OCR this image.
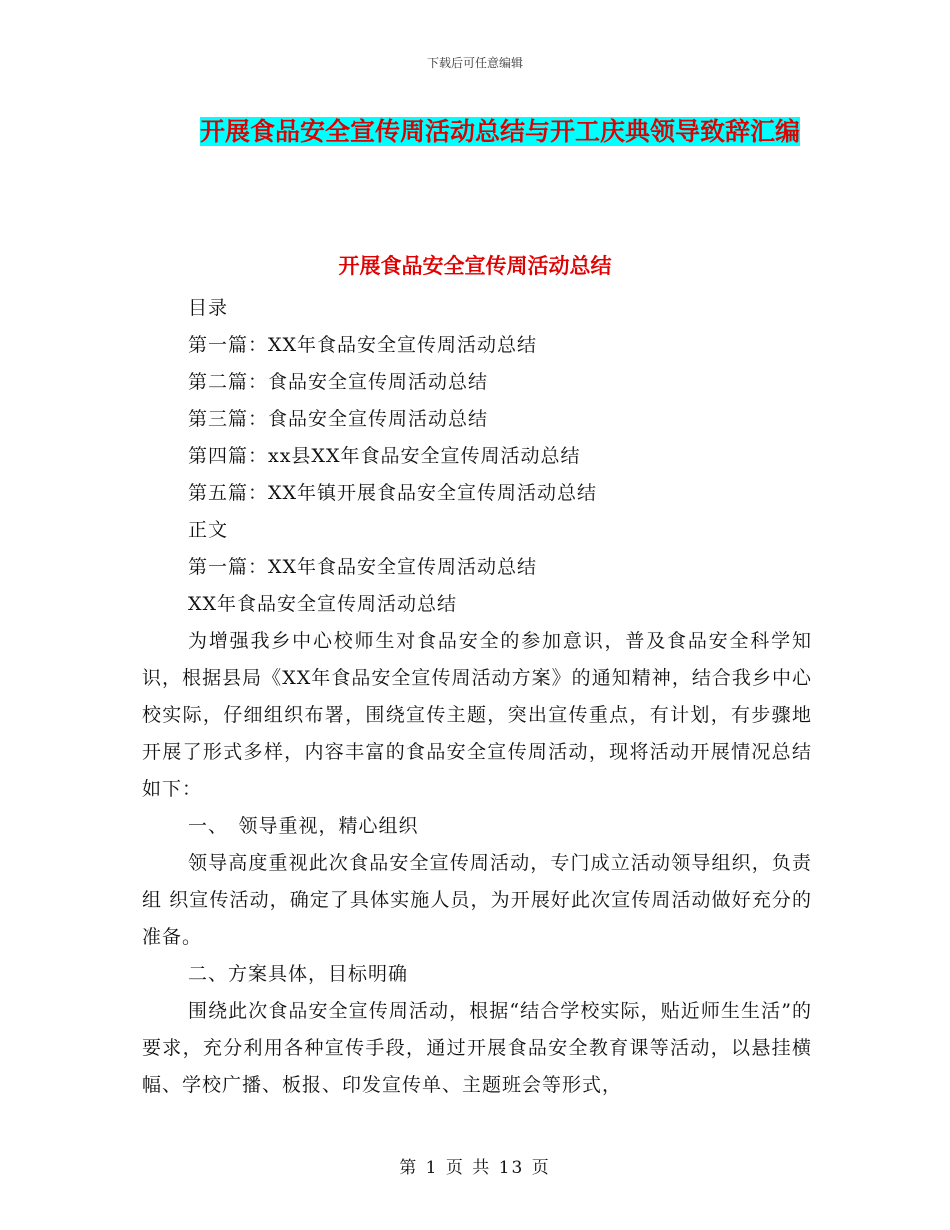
下载后可任意编辑
开展食品安全宣传周活动总结与开工庆典领导致辞汇编
开展食品安全宣传周活动总结
目录
第一篇：XX年食品安全宣传周活动总结
第二篇：食品安全宣传周活动总结
第三篇：食品安全宣传周活动总结
第四篇：xx县XX年食品安全宣传周活动总结
第五篇：XX年镇开展食品安全宣传周活动总结
正文
第一篇：XX年食品安全宣传周活动总结
XX年食品安全宣传周活动总结
为增强我乡中心校师生对食品安全的参加意识，普及食品安全科学知识，根据县局《XX年食品安全宣传周活动方案》的通知精神，结合我乡中心校实际，仔细组织布署，围绕宣传主题，突出宣传重点，有计划，有步骤地开展了形式多样，内容丰富的食品安全宣传周活动，现将活动开展情况总结如下：
一、　领导重视，精心组织
领导高度重视此次食品安全宣传周活动，专门成立活动领导组织，负责组 织宣传活动，确定了具体实施人员，为开展好此次宣传周活动做好充分的准备。
二、方案具体，目标明确
围绕此次食品安全宣传周活动，根据“结合学校实际，贴近师生生活”的 要求，充分利用各种宣传手段，通过开展食品安全教育课等活动，以悬挂横幅、学校广播、板报、印发宣传单、主题班会等形式，
第 1 页 共 13 页
